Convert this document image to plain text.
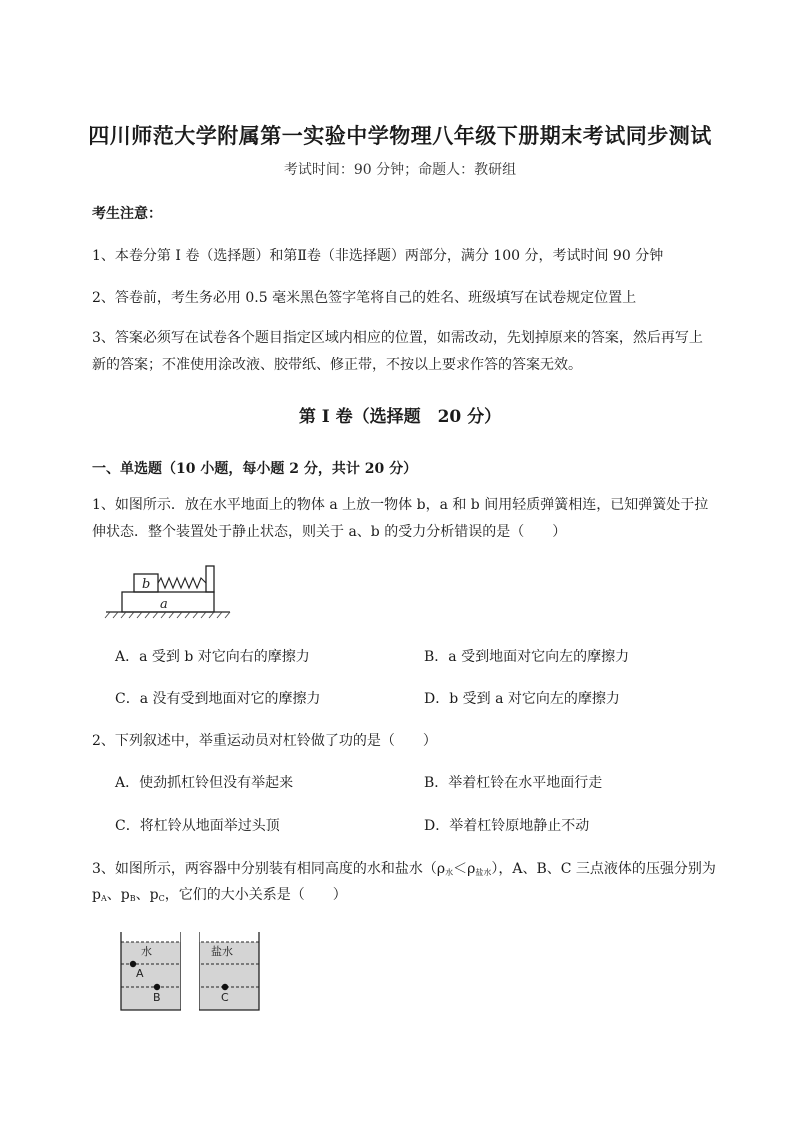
四川师范大学附属第一实验中学物理八年级下册期末考试同步测试
考试时间：90 分钟；命题人：教研组
考生注意：
1、本卷分第 I 卷（选择题）和第Ⅱ卷（非选择题）两部分，满分 100 分，考试时间 90 分钟
2、答卷前，考生务必用 0.5 毫米黑色签字笔将自己的姓名、班级填写在试卷规定位置上
3、答案必须写在试卷各个题目指定区域内相应的位置，如需改动，先划掉原来的答案，然后再写上新的答案；不准使用涂改液、胶带纸、修正带，不按以上要求作答的答案无效。
第 I 卷（选择题　20 分）
一、单选题（10 小题，每小题 2 分，共计 20 分）
1、如图所示．放在水平地面上的物体 a 上放一物体 b，a 和 b 间用轻质弹簧相连，已知弹簧处于拉伸状态．整个装置处于静止状态，则关于 a、b 的受力分析错误的是（　　）
b
a
A．a 受到 b 对它向右的摩擦力	B．a 受到地面对它向左的摩擦力
C．a 没有受到地面对它的摩擦力	D．b 受到 a 对它向左的摩擦力
2、下列叙述中，举重运动员对杠铃做了功的是（　　）
A．使劲抓杠铃但没有举起来	B．举着杠铃在水平地面行走
C．将杠铃从地面举过头顶	D．举着杠铃原地静止不动
3、如图所示，两容器中分别装有相同高度的水和盐水$(\rho_水<\rho_{盐水})$，A、B、C 三点液体的压强分别为
$p_A$、$p_B$、$p_C$，它们的大小关系是（　　）
水	盐水
A
B	C
